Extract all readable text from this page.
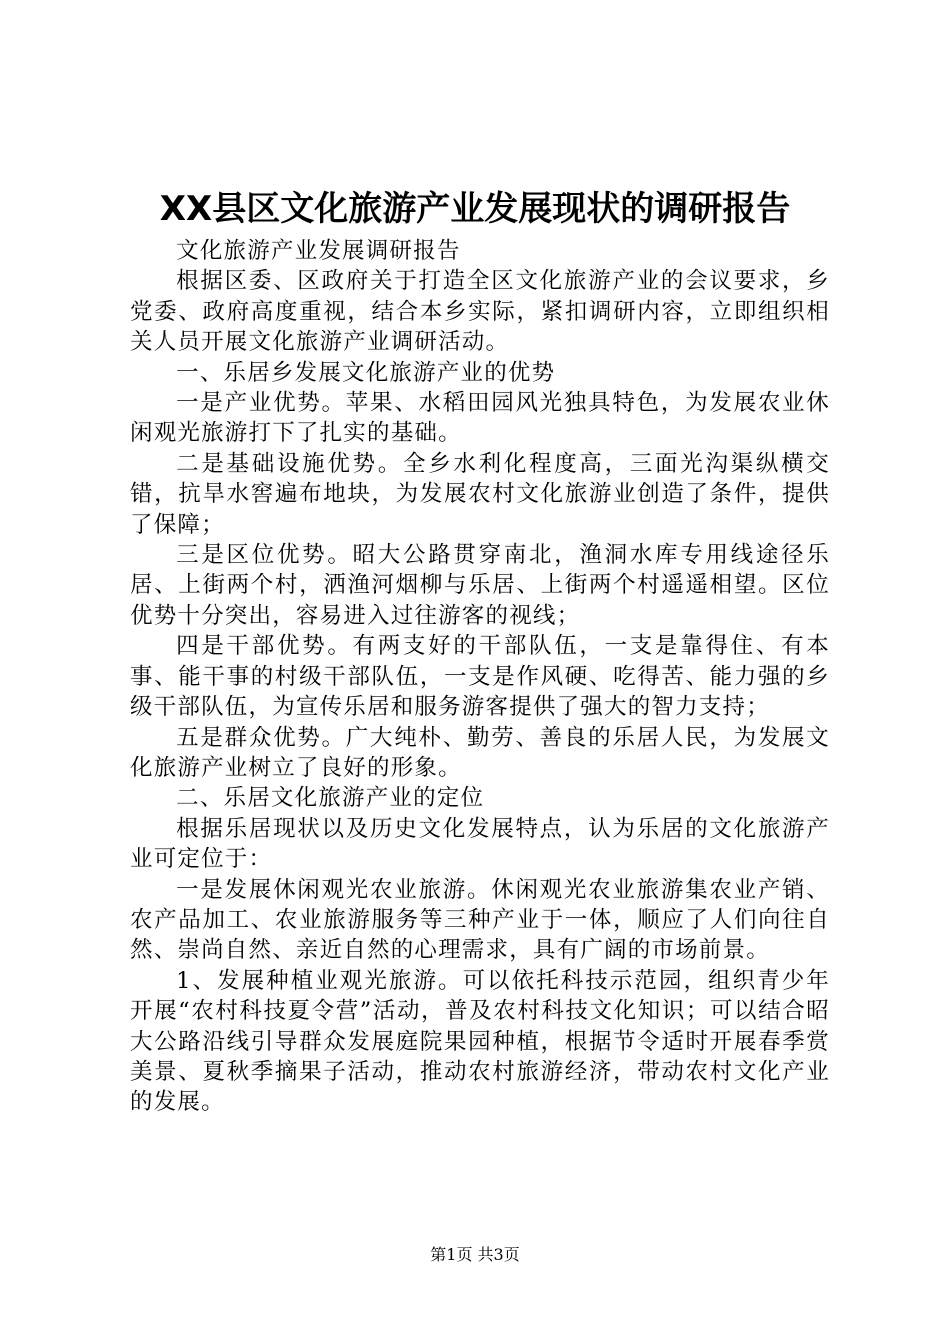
XX县区文化旅游产业发展现状的调研报告

文化旅游产业发展调研报告

根据区委、区政府关于打造全区文化旅游产业的会议要求，乡党委、政府高度重视，结合本乡实际，紧扣调研内容，立即组织相关人员开展文化旅游产业调研活动。

一、乐居乡发展文化旅游产业的优势

一是产业优势。苹果、水稻田园风光独具特色，为发展农业休闲观光旅游打下了扎实的基础。

二是基础设施优势。全乡水利化程度高，三面光沟渠纵横交错，抗旱水窖遍布地块，为发展农村文化旅游业创造了条件，提供了保障；

三是区位优势。昭大公路贯穿南北，渔洞水库专用线途径乐居、上街两个村，洒渔河烟柳与乐居、上街两个村遥遥相望。区位优势十分突出，容易进入过往游客的视线；

四是干部优势。有两支好的干部队伍，一支是靠得住、有本事、能干事的村级干部队伍，一支是作风硬、吃得苦、能力强的乡级干部队伍，为宣传乐居和服务游客提供了强大的智力支持；

五是群众优势。广大纯朴、勤劳、善良的乐居人民，为发展文化旅游产业树立了良好的形象。

二、乐居文化旅游产业的定位

根据乐居现状以及历史文化发展特点，认为乐居的文化旅游产业可定位于：

一是发展休闲观光农业旅游。休闲观光农业旅游集农业产销、农产品加工、农业旅游服务等三种产业于一体，顺应了人们向往自然、崇尚自然、亲近自然的心理需求，具有广阔的市场前景。

1、发展种植业观光旅游。可以依托科技示范园，组织青少年开展“农村科技夏令营”活动，普及农村科技文化知识；可以结合昭大公路沿线引导群众发展庭院果园种植，根据节令适时开展春季赏美景、夏秋季摘果子活动，推动农村旅游经济，带动农村文化产业的发展。

第1页 共3页
